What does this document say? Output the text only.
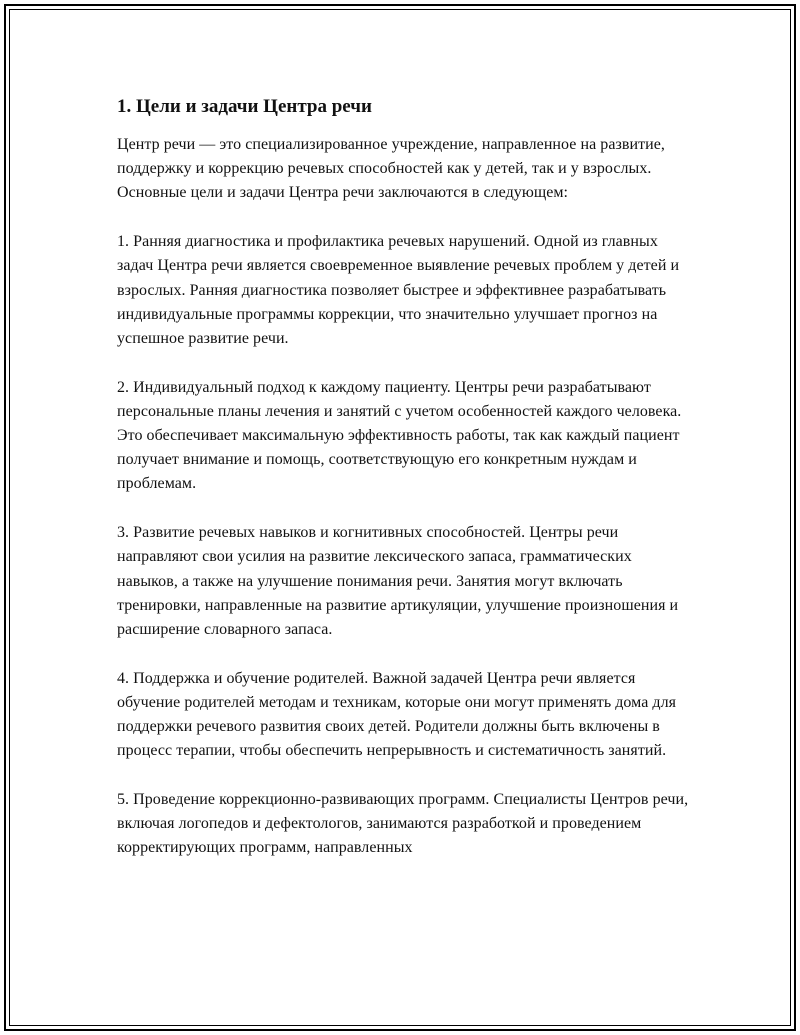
1. Цели и задачи Центра речи

Центр речи — это специализированное учреждение, направленное на развитие, поддержку и коррекцию речевых способностей как у детей, так и у взрослых. Основные цели и задачи Центра речи заключаются в следующем:

1. Ранняя диагностика и профилактика речевых нарушений. Одной из главных задач Центра речи является своевременное выявление речевых проблем у детей и взрослых. Ранняя диагностика позволяет быстрее и эффективнее разрабатывать индивидуальные программы коррекции, что значительно улучшает прогноз на успешное развитие речи.

2. Индивидуальный подход к каждому пациенту. Центры речи разрабатывают персональные планы лечения и занятий с учетом особенностей каждого человека. Это обеспечивает максимальную эффективность работы, так как каждый пациент получает внимание и помощь, соответствующую его конкретным нуждам и проблемам.

3. Развитие речевых навыков и когнитивных способностей. Центры речи направляют свои усилия на развитие лексического запаса, грамматических навыков, а также на улучшение понимания речи. Занятия могут включать тренировки, направленные на развитие артикуляции, улучшение произношения и расширение словарного запаса.

4. Поддержка и обучение родителей. Важной задачей Центра речи является обучение родителей методам и техникам, которые они могут применять дома для поддержки речевого развития своих детей. Родители должны быть включены в процесс терапии, чтобы обеспечить непрерывность и систематичность занятий.

5. Проведение коррекционно-развивающих программ. Специалисты Центров речи, включая логопедов и дефектологов, занимаются разработкой и проведением корректирующих программ, направленных
